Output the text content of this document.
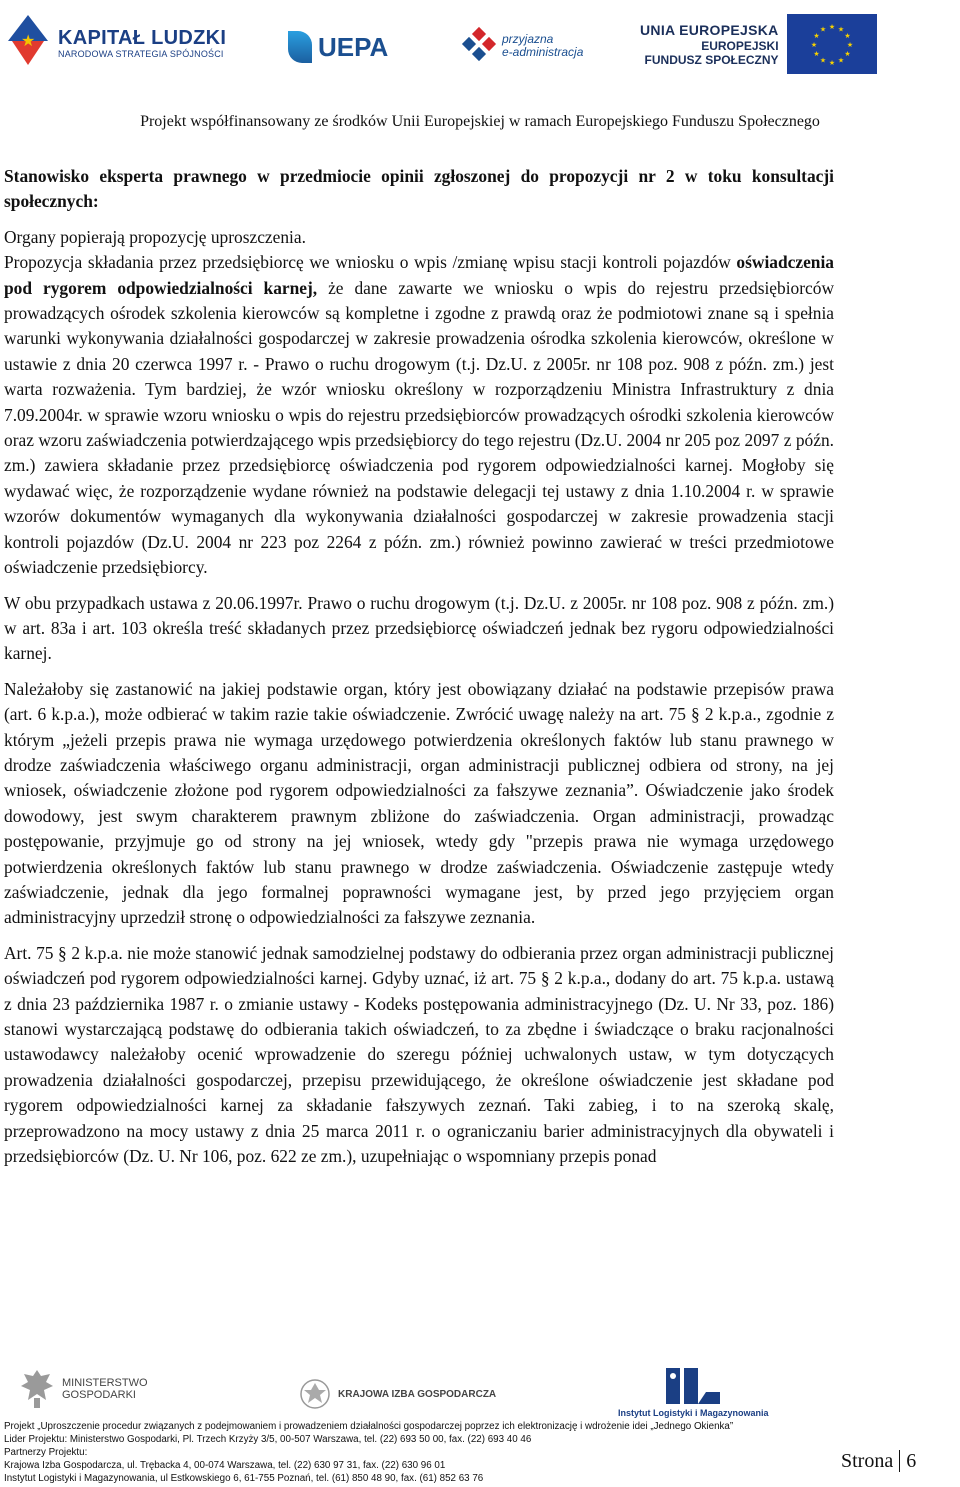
★ KAPITAŁ LUDZKI
NARODOWA STRATEGIA SPÓJNOŚCI	UEPA	przyjazna
e-administracja
UNIA EUROPEJSKA
EUROPEJSKI
FUNDUSZ SPOŁECZNY
★ ★
★
★
★
★
★
★
★
★
★
★
Projekt współfinansowany ze środków Unii Europejskiej w ramach Europejskiego Funduszu Społecznego

Stanowisko eksperta prawnego w przedmiocie opinii zgłoszonej do propozycji nr 2 w toku konsultacji społecznych:

Organy popierają propozycję uproszczenia.

Propozycja składania przez przedsiębiorcę we wniosku o wpis /zmianę wpisu stacji kontroli pojazdów oświadczenia pod rygorem odpowiedzialności karnej, że dane zawarte we wniosku o wpis do rejestru przedsiębiorców prowadzących ośrodek szkolenia kierowców są kompletne i zgodne z prawdą oraz że podmiotowi znane są i spełnia warunki wykonywania działalności gospodarczej w zakresie prowadzenia ośrodka szkolenia kierowców, określone w ustawie z dnia 20 czerwca 1997 r. - Prawo o ruchu drogowym (t.j. Dz.U. z 2005r. nr 108 poz. 908 z późn. zm.) jest warta rozważenia. Tym bardziej, że wzór wniosku określony w rozporządzeniu Ministra Infrastruktury z dnia 7.09.2004r. w sprawie wzoru wniosku o wpis do rejestru przedsiębiorców prowadzących ośrodki szkolenia kierowców oraz wzoru zaświadczenia potwierdzającego wpis przedsiębiorcy do tego rejestru (Dz.U. 2004 nr 205 poz 2097 z późn. zm.) zawiera składanie przez przedsiębiorcę oświadczenia pod rygorem odpowiedzialności karnej. Mogłoby się wydawać więc, że rozporządzenie wydane również na podstawie delegacji tej ustawy z dnia 1.10.2004 r. w sprawie wzorów dokumentów wymaganych dla wykonywania działalności gospodarczej w zakresie prowadzenia stacji kontroli pojazdów (Dz.U. 2004 nr 223 poz 2264 z późn. zm.) również powinno zawierać w treści przedmiotowe oświadczenie przedsiębiorcy.

W obu przypadkach ustawa z 20.06.1997r. Prawo o ruchu drogowym (t.j. Dz.U. z 2005r. nr 108 poz. 908 z późn. zm.) w art. 83a i art. 103 określa treść składanych przez przedsiębiorcę oświadczeń jednak bez rygoru odpowiedzialności karnej.

Należałoby się zastanowić na jakiej podstawie organ, który jest obowiązany działać na podstawie przepisów prawa (art. 6 k.p.a.), może odbierać w takim razie takie oświadczenie. Zwrócić uwagę należy na art. 75 § 2 k.p.a., zgodnie z którym „jeżeli przepis prawa nie wymaga urzędowego potwierdzenia określonych faktów lub stanu prawnego w drodze zaświadczenia właściwego organu administracji, organ administracji publicznej odbiera od strony, na jej wniosek, oświadczenie złożone pod rygorem odpowiedzialności za fałszywe zeznania”. Oświadczenie jako środek dowodowy, jest swym charakterem prawnym zbliżone do zaświadczenia. Organ administracji, prowadząc postępowanie, przyjmuje go od strony na jej wniosek, wtedy gdy "przepis prawa nie wymaga urzędowego potwierdzenia określonych faktów lub stanu prawnego w drodze zaświadczenia. Oświadczenie zastępuje wtedy zaświadczenie, jednak dla jego formalnej poprawności wymagane jest, by przed jego przyjęciem organ administracyjny uprzedził stronę o odpowiedzialności za fałszywe zeznania.

Art. 75 § 2 k.p.a. nie może stanowić jednak samodzielnej podstawy do odbierania przez organ administracji publicznej oświadczeń pod rygorem odpowiedzialności karnej. Gdyby uznać, iż art. 75 § 2 k.p.a., dodany do art. 75 k.p.a. ustawą z dnia 23 października 1987 r. o zmianie ustawy - Kodeks postępowania administracyjnego (Dz. U. Nr 33, poz. 186) stanowi wystarczającą podstawę do odbierania takich oświadczeń, to za zbędne i świadczące o braku racjonalności ustawodawcy należałoby ocenić wprowadzenie do szeregu później uchwalonych ustaw, w tym dotyczących prowadzenia działalności gospodarczej, przepisu przewidującego, że określone oświadczenie jest składane pod rygorem odpowiedzialności karnej za składanie fałszywych zeznań. Taki zabieg, i to na szeroką skalę, przeprowadzono na mocy ustawy z dnia 25 marca 2011 r. o ograniczaniu barier administracyjnych dla obywateli i przedsiębiorców (Dz. U. Nr 106, poz. 622 ze zm.), uzupełniając o wspomniany przepis ponad

MINISTERSTWO
GOSPODARKI	KRAJOWA IZBA GOSPODARCZA
Instytut Logistyki i Magazynowania
Projekt „Uproszczenie procedur związanych z podejmowaniem i prowadzeniem działalności gospodarczej poprzez ich elektronizację i wdrożenie idei „Jednego Okienka”
Lider Projektu: Ministerstwo Gospodarki, Pl. Trzech Krzyży 3/5, 00-507 Warszawa, tel. (22) 693 50 00, fax. (22) 693 40 46
Partnerzy Projektu:
Krajowa Izba Gospodarcza, ul. Trębacka 4, 00-074 Warszawa, tel. (22) 630 97 31, fax. (22) 630 96 01
Instytut Logistyki i Magazynowania, ul Estkowskiego 6, 61-755 Poznań, tel. (61) 850 48 90, fax. (61) 852 63 76
Strona 6
